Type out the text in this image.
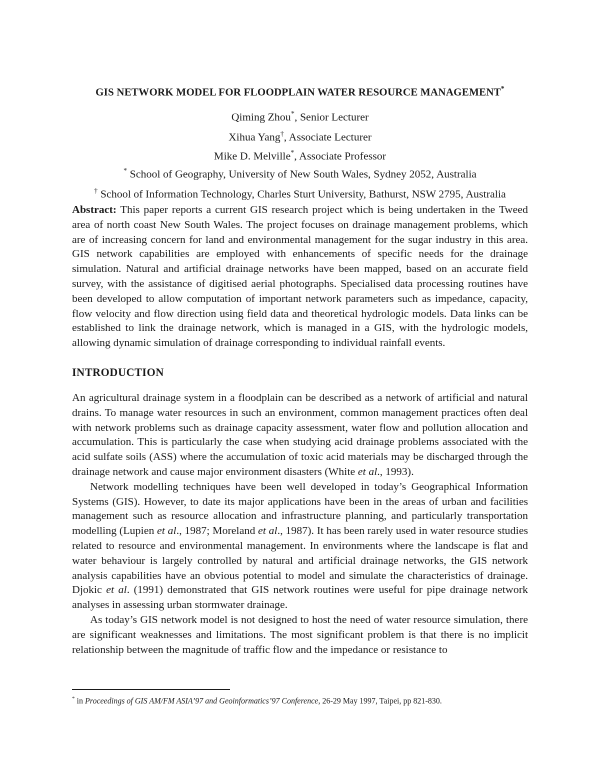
GIS NETWORK MODEL FOR FLOODPLAIN WATER RESOURCE MANAGEMENT*
Qiming Zhou*, Senior Lecturer
Xihua Yang†, Associate Lecturer
Mike D. Melville*, Associate Professor
* School of Geography, University of New South Wales, Sydney 2052, Australia
† School of Information Technology, Charles Sturt University, Bathurst, NSW 2795, Australia
Abstract: This paper reports a current GIS research project which is being undertaken in the Tweed area of north coast New South Wales. The project focuses on drainage management problems, which are of increasing concern for land and environmental management for the sugar industry in this area. GIS network capabilities are employed with enhancements of specific needs for the drainage simulation. Natural and artificial drainage networks have been mapped, based on an accurate field survey, with the assistance of digitised aerial photographs. Specialised data processing routines have been developed to allow computation of important network parameters such as impedance, capacity, flow velocity and flow direction using field data and theoretical hydrologic models. Data links can be established to link the drainage network, which is managed in a GIS, with the hydrologic models, allowing dynamic simulation of drainage corresponding to individual rainfall events.
INTRODUCTION

An agricultural drainage system in a floodplain can be described as a network of artificial and natural drains. To manage water resources in such an environment, common management practices often deal with network problems such as drainage capacity assessment, water flow and pollution allocation and accumulation. This is particularly the case when studying acid drainage problems associated with the acid sulfate soils (ASS) where the accumulation of toxic acid materials may be discharged through the drainage network and cause major environment disasters (White et al., 1993).

Network modelling techniques have been well developed in today’s Geographical Information Systems (GIS). However, to date its major applications have been in the areas of urban and facilities management such as resource allocation and infrastructure planning, and particularly transportation modelling (Lupien et al., 1987; Moreland et al., 1987). It has been rarely used in water resource studies related to resource and environmental management. In environments where the landscape is flat and water behaviour is largely controlled by natural and artificial drainage networks, the GIS network analysis capabilities have an obvious potential to model and simulate the characteristics of drainage. Djokic et al. (1991) demonstrated that GIS network routines were useful for pipe drainage network analyses in assessing urban stormwater drainage.

As today’s GIS network model is not designed to host the need of water resource simulation, there are significant weaknesses and limitations. The most significant problem is that there is no implicit relationship between the magnitude of traffic flow and the impedance or resistance to

* in Proceedings of GIS AM/FM ASIA’97 and Geoinformatics’97 Conference, 26-29 May 1997, Taipei, pp 821-830.
